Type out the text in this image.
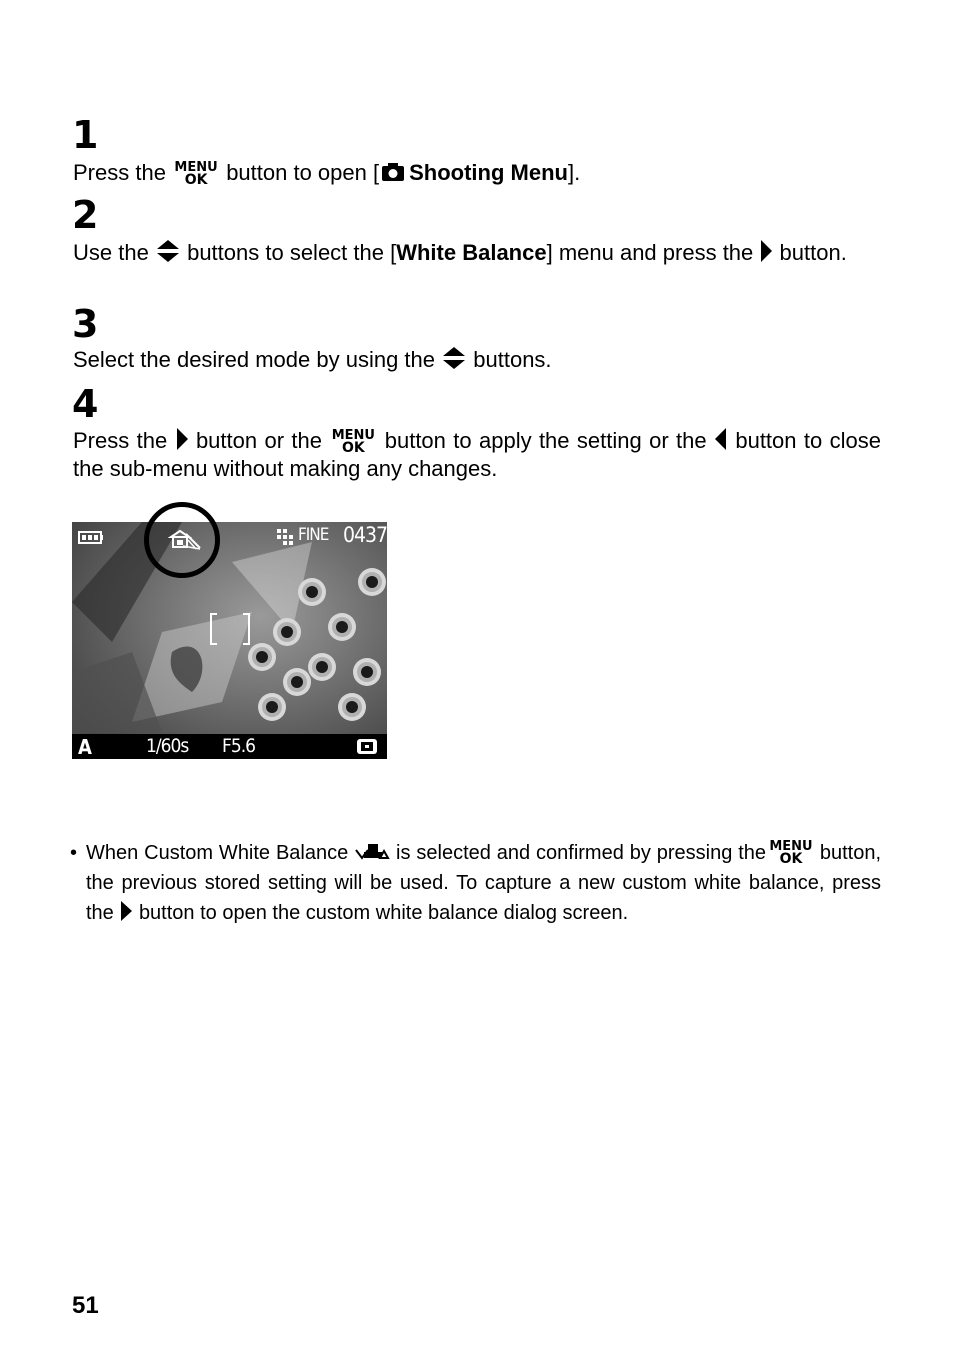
1
Press the MENU
OK button to open [ Shooting Menu].
2
Use the buttons to select the [White Balance] menu and press the button.
3
Select the desired mode by using the buttons.
4
Press the button or the MENU
OK button to apply the setting or the button to close the sub-menu without making any changes.
FINE 0437
A	1/60s F5.6
• When Custom White Balance is selected and confirmed by pressing the MENU
OK button, the previous stored setting will be used. To capture a new custom white balance, press the button to open the custom white balance dialog screen.
51
